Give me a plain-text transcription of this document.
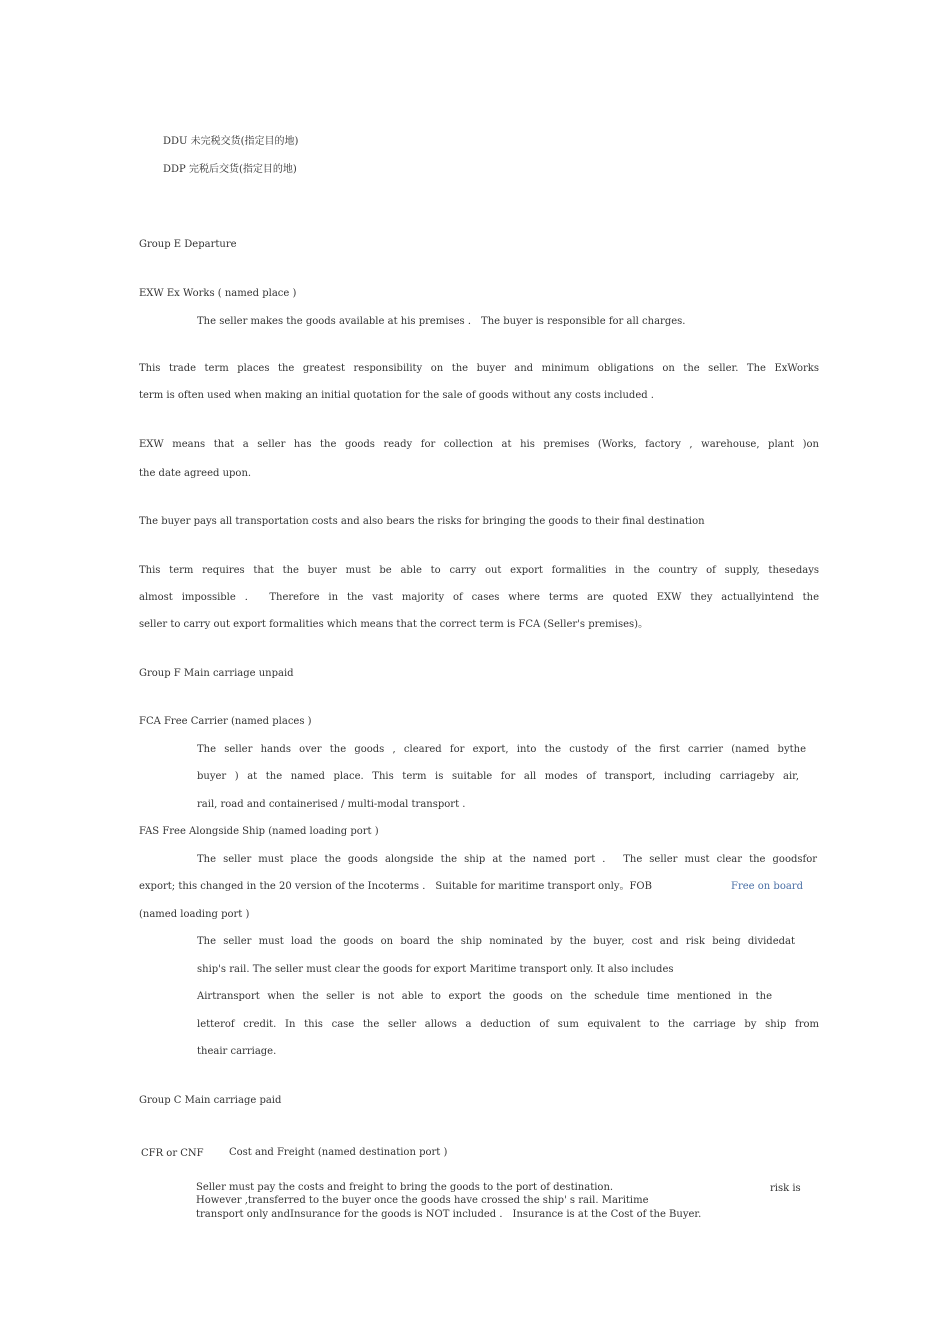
DDU 未完税交货(指定目的地)
DDP 完税后交货(指定目的地)
Group E Departure
EXW Ex Works ( named place )
The seller makes the goods available at his premises ． The buyer is responsible for all charges.
This trade term places the greatest responsibility on the buyer and minimum obligations on the seller. The ExWorks
term is often used when making an initial quotation for the sale of goods without any costs included .
EXW means that a seller has the goods ready for collection at his premises (Works, factory , warehouse, plant )on
the date agreed upon.
The buyer pays all transportation costs and also bears the risks for bringing the goods to their final destination
This term requires that the buyer must be able to carry out export formalities in the country of supply, thesedays
almost impossible ． Therefore in the vast majority of cases where terms are quoted EXW they actuallyintend the
seller to carry out export formalities which means that the correct term is FCA (Seller's premises)。
Group F Main carriage unpaid
FCA Free Carrier (named places )
The seller hands over the goods , cleared for export, into the custody of the first carrier (named bythe
buyer ) at the named place. This term is suitable for all modes of transport, including carriageby air,
rail, road and containerised / multi-modal transport .
FAS Free Alongside Ship (named loading port )
The seller must place the goods alongside the ship at the named port ． The seller must clear the goodsfor
export; this changed in the 20 version of the Incoterms ． Suitable for maritime transport only。FOB	Free on board
(named loading port )
The seller must load the goods on board the ship nominated by the buyer, cost and risk being dividedat
ship's rail. The seller must clear the goods for export Maritime transport only. It also includes
Airtransport when the seller is not able to export the goods on the schedule time mentioned in the
letterof credit. In this case the seller allows a deduction of sum equivalent to the carriage by ship from
theair carriage.
Group C Main carriage paid
CFR or CNF	Cost and Freight (named destination port )
Seller must pay the costs and freight to bring the goods to the port of destination.	risk is
However ,transferred to the buyer once the goods have crossed the ship' s rail. Maritime
transport only andInsurance for the goods is NOT included ． Insurance is at the Cost of the Buyer.
